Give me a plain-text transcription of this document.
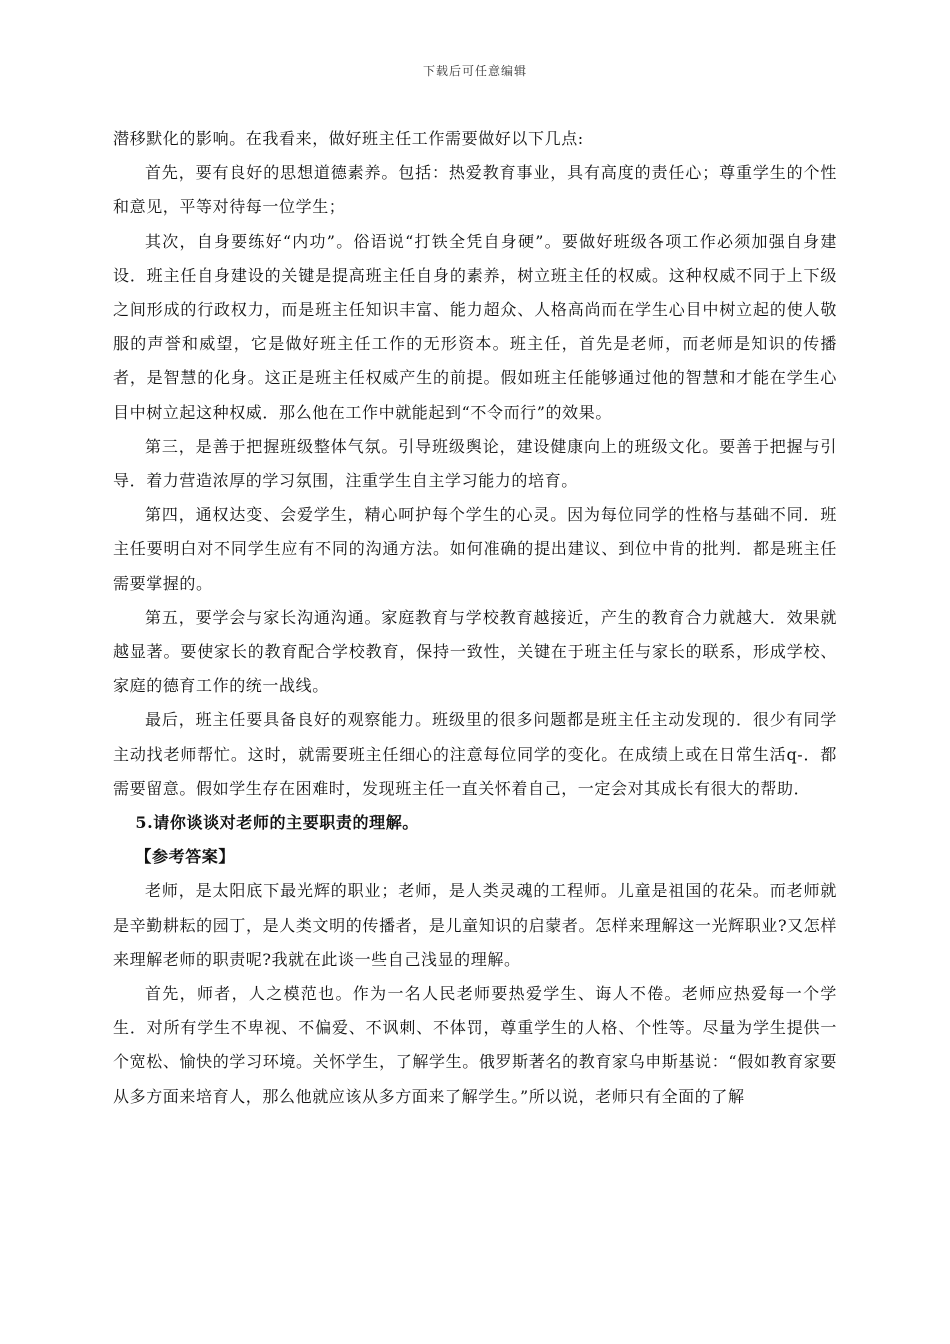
下载后可任意编辑

潜移默化的影响。在我看来，做好班主任工作需要做好以下几点:

首先，要有良好的思想道德素养。包括：热爱教育事业，具有高度的责任心；尊重学生的个性和意见，平等对待每一位学生；

其次，自身要练好“内功”。俗语说“打铁全凭自身硬”。要做好班级各项工作必须加强自身建设．班主任自身建设的关键是提高班主任自身的素养，树立班主任的权威。这种权威不同于上下级之间形成的行政权力，而是班主任知识丰富、能力超众、人格高尚而在学生心目中树立起的使人敬服的声誉和威望，它是做好班主任工作的无形资本。班主任，首先是老师，而老师是知识的传播者，是智慧的化身。这正是班主任权威产生的前提。假如班主任能够通过他的智慧和才能在学生心目中树立起这种权威．那么他在工作中就能起到“不令而行”的效果。

第三，是善于把握班级整体气氛。引导班级舆论，建设健康向上的班级文化。要善于把握与引导．着力营造浓厚的学习氛围，注重学生自主学习能力的培育。

第四，通权达变、会爱学生，精心呵护每个学生的心灵。因为每位同学的性格与基础不同．班主任要明白对不同学生应有不同的沟通方法。如何准确的提出建议、到位中肯的批判．都是班主任需要掌握的。

第五，要学会与家长沟通沟通。家庭教育与学校教育越接近，产生的教育合力就越大．效果就越显著。要使家长的教育配合学校教育，保持一致性，关键在于班主任与家长的联系，形成学校、家庭的德育工作的统一战线。

最后，班主任要具备良好的观察能力。班级里的很多问题都是班主任主动发现的．很少有同学主动找老师帮忙。这时，就需要班主任细心的注意每位同学的变化。在成绩上或在日常生活q-．都需要留意。假如学生存在困难时，发现班主任一直关怀着自己，一定会对其成长有很大的帮助．

5.请你谈谈对老师的主要职责的理解。

【参考答案】

老师，是太阳底下最光辉的职业；老师，是人类灵魂的工程师。儿童是祖国的花朵。而老师就是辛勤耕耘的园丁，是人类文明的传播者，是儿童知识的启蒙者。怎样来理解这一光辉职业?又怎样来理解老师的职责呢?我就在此谈一些自己浅显的理解。

首先，师者，人之模范也。作为一名人民老师要热爱学生、诲人不倦。老师应热爱每一个学生．对所有学生不卑视、不偏爱、不讽刺、不体罚，尊重学生的人格、个性等。尽量为学生提供一个宽松、愉快的学习环境。关怀学生，了解学生。俄罗斯著名的教育家乌申斯基说：“假如教育家要从多方面来培育人，那么他就应该从多方面来了解学生。”所以说，老师只有全面的了解
